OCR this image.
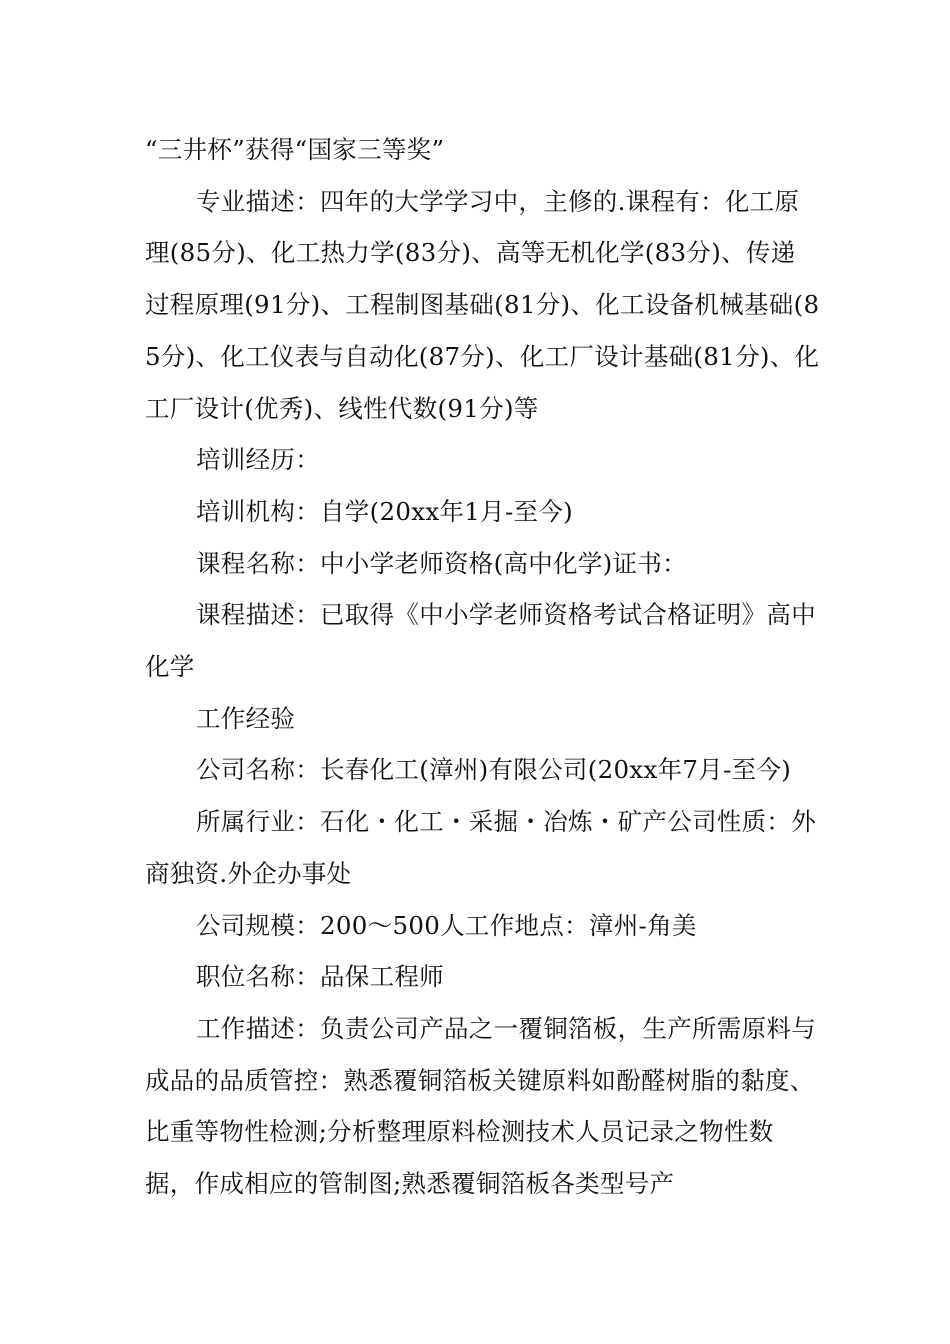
“三井杯”获得“国家三等奖”

专业描述：四年的大学学习中，主修的.课程有：化工原理(85分)、化工热力学(83分)、高等无机化学(83分)、传递过程原理(91分)、工程制图基础(81分)、化工设备机械基础(85分)、化工仪表与自动化(87分)、化工厂设计基础(81分)、化工厂设计(优秀)、线性代数(91分)等

培训经历：

培训机构：自学(20xx年1月-至今)

课程名称：中小学老师资格(高中化学)证书：

课程描述：已取得《中小学老师资格考试合格证明》高中化学

工作经验

公司名称：长春化工(漳州)有限公司(20xx年7月-至今)

所属行业：石化・化工・采掘・冶炼・矿产公司性质：外商独资.外企办事处

公司规模：200～500人工作地点：漳州-角美

职位名称：品保工程师

工作描述：负责公司产品之一覆铜箔板，生产所需原料与成品的品质管控：熟悉覆铜箔板关键原料如酚醛树脂的黏度、比重等物性检测;分析整理原料检测技术人员记录之物性数据，作成相应的管制图;熟悉覆铜箔板各类型号产
